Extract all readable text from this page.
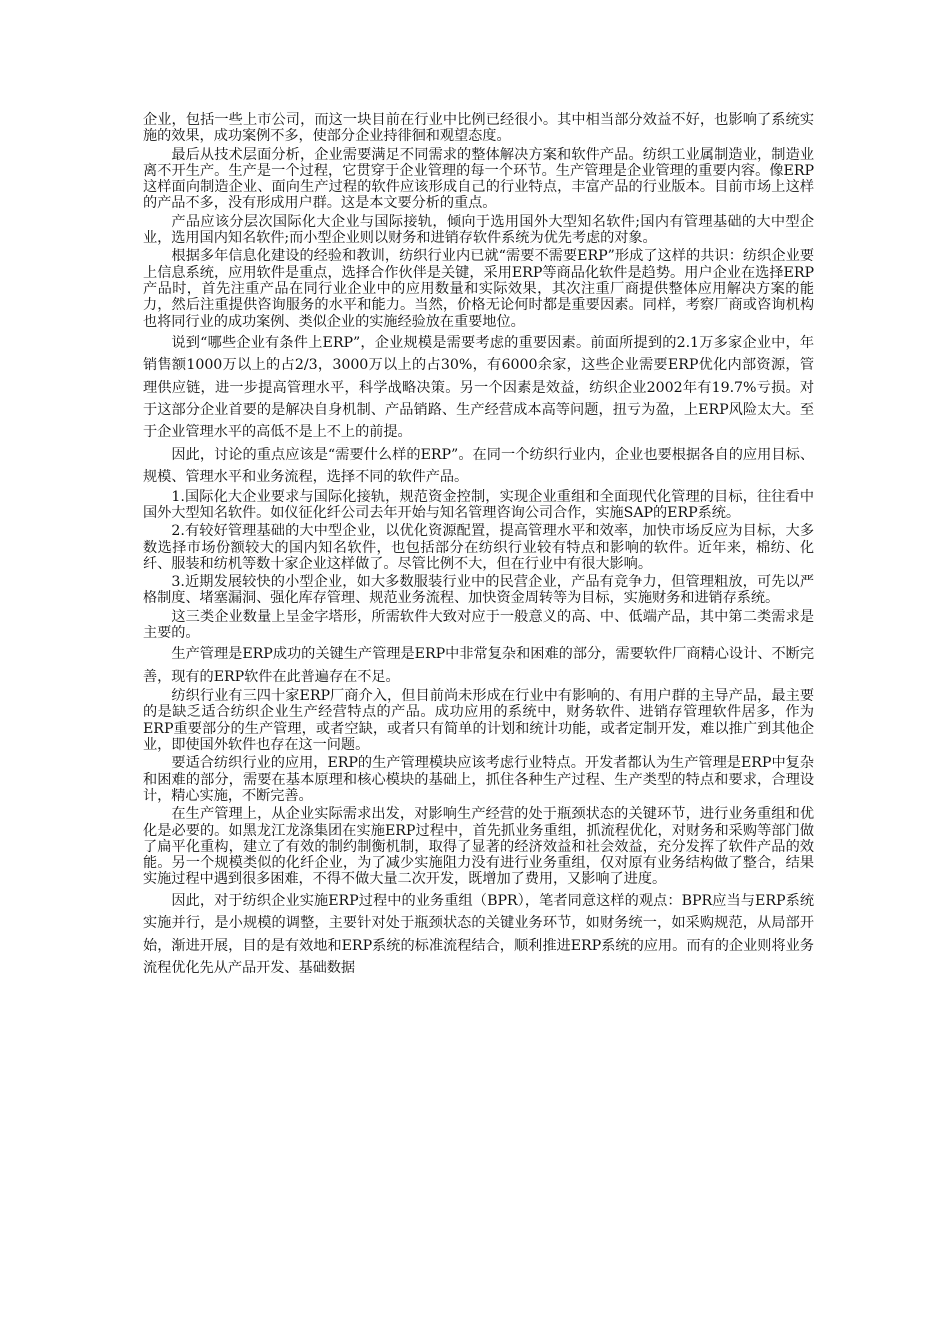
企业，包括一些上市公司，而这一块目前在行业中比例已经很小。其中相当部分效益不好，也影响了系统实施的效果，成功案例不多，使部分企业持徘徊和观望态度。

最后从技术层面分析，企业需要满足不同需求的整体解决方案和软件产品。纺织工业属制造业，制造业离不开生产。生产是一个过程，它贯穿于企业管理的每一个环节。生产管理是企业管理的重要内容。像ERP这样面向制造企业、面向生产过程的软件应该形成自己的行业特点，丰富产品的行业版本。目前市场上这样的产品不多，没有形成用户群。这是本文要分析的重点。

产品应该分层次国际化大企业与国际接轨，倾向于选用国外大型知名软件;国内有管理基础的大中型企业，选用国内知名软件;而小型企业则以财务和进销存软件系统为优先考虑的对象。

根据多年信息化建设的经验和教训，纺织行业内已就“需要不需要ERP”形成了这样的共识：纺织企业要上信息系统，应用软件是重点，选择合作伙伴是关键，采用ERP等商品化软件是趋势。用户企业在选择ERP产品时，首先注重产品在同行业企业中的应用数量和实际效果，其次注重厂商提供整体应用解决方案的能力，然后注重提供咨询服务的水平和能力。当然，价格无论何时都是重要因素。同样，考察厂商或咨询机构也将同行业的成功案例、类似企业的实施经验放在重要地位。

说到“哪些企业有条件上ERP”，企业规模是需要考虑的重要因素。前面所提到的2.1万多家企业中，年销售额1000万以上的占2/3，3000万以上的占30%，有6000余家，这些企业需要ERP优化内部资源，管理供应链，进一步提高管理水平，科学战略决策。另一个因素是效益，纺织企业2002年有19.7%亏损。对于这部分企业首要的是解决自身机制、产品销路、生产经营成本高等问题，扭亏为盈，上ERP风险太大。至于企业管理水平的高低不是上不上的前提。

因此，讨论的重点应该是“需要什么样的ERP”。在同一个纺织行业内，企业也要根据各自的应用目标、规模、管理水平和业务流程，选择不同的软件产品。

1.国际化大企业要求与国际化接轨，规范资金控制，实现企业重组和全面现代化管理的目标，往往看中国外大型知名软件。如仪征化纤公司去年开始与知名管理咨询公司合作，实施SAP的ERP系统。

2.有较好管理基础的大中型企业，以优化资源配置，提高管理水平和效率，加快市场反应为目标，大多数选择市场份额较大的国内知名软件，也包括部分在纺织行业较有特点和影响的软件。近年来，棉纺、化纤、服装和纺机等数十家企业这样做了。尽管比例不大，但在行业中有很大影响。

3.近期发展较快的小型企业，如大多数服装行业中的民营企业，产品有竞争力，但管理粗放，可先以严格制度、堵塞漏洞、强化库存管理、规范业务流程、加快资金周转等为目标，实施财务和进销存系统。

这三类企业数量上呈金字塔形，所需软件大致对应于一般意义的高、中、低端产品，其中第二类需求是主要的。

生产管理是ERP成功的关键生产管理是ERP中非常复杂和困难的部分，需要软件厂商精心设计、不断完善，现有的ERP软件在此普遍存在不足。

纺织行业有三四十家ERP厂商介入，但目前尚未形成在行业中有影响的、有用户群的主导产品，最主要的是缺乏适合纺织企业生产经营特点的产品。成功应用的系统中，财务软件、进销存管理软件居多，作为ERP重要部分的生产管理，或者空缺，或者只有简单的计划和统计功能，或者定制开发，难以推广到其他企业，即使国外软件也存在这一问题。

要适合纺织行业的应用，ERP的生产管理模块应该考虑行业特点。开发者都认为生产管理是ERP中复杂和困难的部分，需要在基本原理和核心模块的基础上，抓住各种生产过程、生产类型的特点和要求，合理设计，精心实施，不断完善。

在生产管理上，从企业实际需求出发，对影响生产经营的处于瓶颈状态的关键环节，进行业务重组和优化是必要的。如黑龙江龙涤集团在实施ERP过程中，首先抓业务重组，抓流程优化，对财务和采购等部门做了扁平化重构，建立了有效的制约制衡机制，取得了显著的经济效益和社会效益，充分发挥了软件产品的效能。另一个规模类似的化纤企业，为了减少实施阻力没有进行业务重组，仅对原有业务结构做了整合，结果实施过程中遇到很多困难，不得不做大量二次开发，既增加了费用，又影响了进度。

因此，对于纺织企业实施ERP过程中的业务重组（BPR），笔者同意这样的观点：BPR应当与ERP系统实施并行，是小规模的调整，主要针对处于瓶颈状态的关键业务环节，如财务统一，如采购规范，从局部开始，渐进开展，目的是有效地和ERP系统的标准流程结合，顺利推进ERP系统的应用。而有的企业则将业务流程优化先从产品开发、基础数据
